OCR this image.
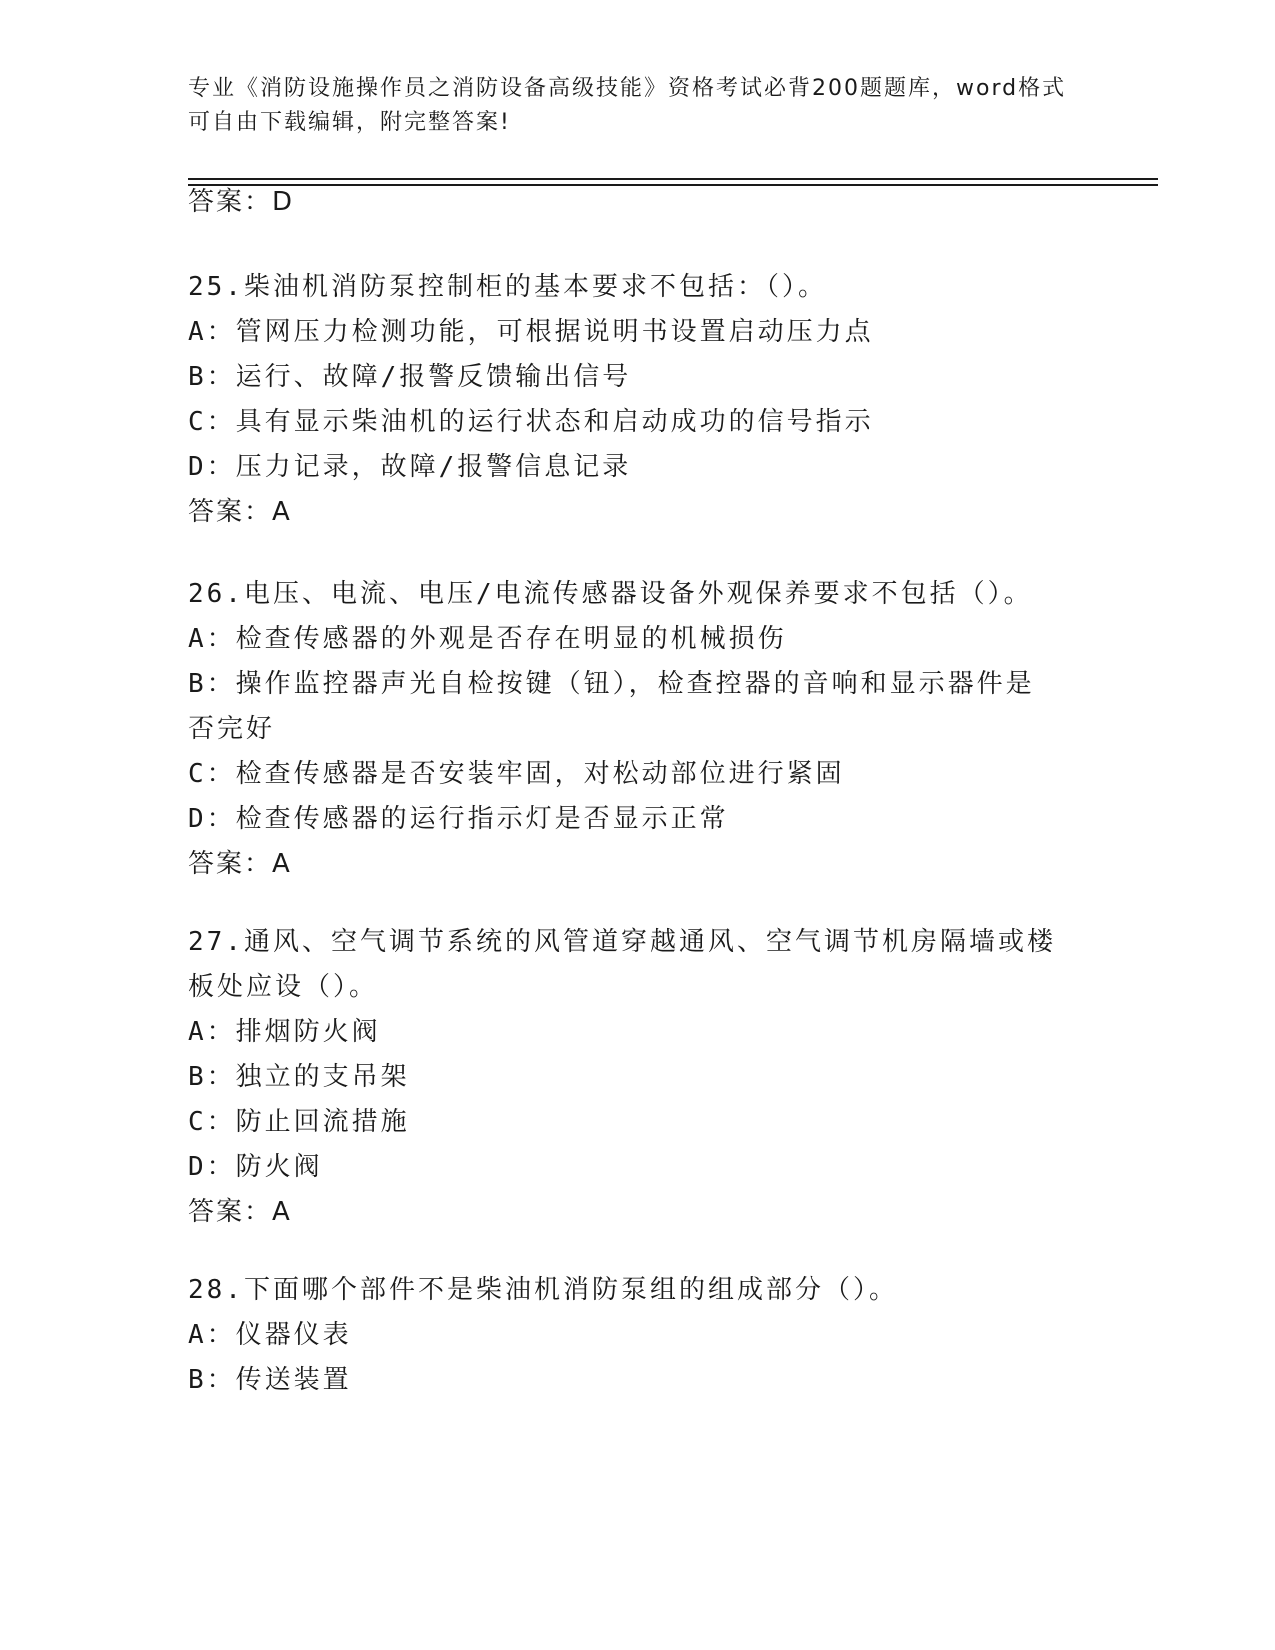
专业《消防设施操作员之消防设备高级技能》资格考试必背200题题库，word格式可自由下载编辑，附完整答案!
答案：D
25.柴油机消防泵控制柜的基本要求不包括：（）。
A：管网压力检测功能，可根据说明书设置启动压力点
B：运行、故障/报警反馈输出信号
C：具有显示柴油机的运行状态和启动成功的信号指示
D：压力记录，故障/报警信息记录
答案：A
26.电压、电流、电压/电流传感器设备外观保养要求不包括（）。
A：检查传感器的外观是否存在明显的机械损伤
B：操作监控器声光自检按键（钮），检查控器的音响和显示器件是否完好
C：检查传感器是否安装牢固，对松动部位进行紧固
D：检查传感器的运行指示灯是否显示正常
答案：A
27.通风、空气调节系统的风管道穿越通风、空气调节机房隔墙或楼板处应设（）。
A：排烟防火阀
B：独立的支吊架
C：防止回流措施
D：防火阀
答案：A
28.下面哪个部件不是柴油机消防泵组的组成部分（）。
A：仪器仪表
B：传送装置
